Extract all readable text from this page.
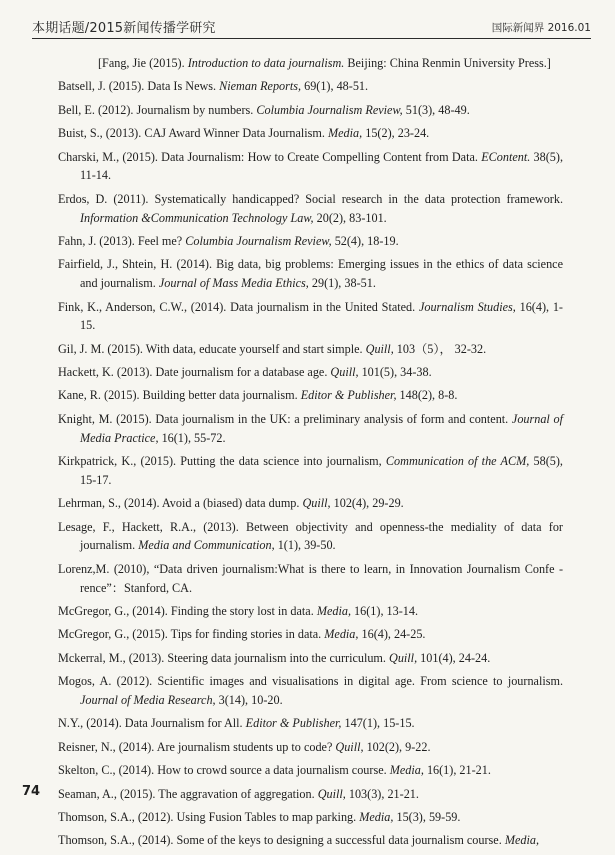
本期话题/2015新闻传播学研究	国际新闻界 2016.01
[Fang, Jie (2015). Introduction to data journalism. Beijing: China Renmin University Press.]
Batsell, J. (2015). Data Is News. Nieman Reports, 69(1), 48-51.
Bell, E. (2012). Journalism by numbers. Columbia Journalism Review, 51(3), 48-49.
Buist, S., (2013). CAJ Award Winner Data Journalism. Media, 15(2), 23-24.
Charski, M., (2015). Data Journalism: How to Create Compelling Content from Data. EContent. 38(5), 11-14.
Erdos, D. (2011). Systematically handicapped? Social research in the data protection framework. Information &Communication Technology Law, 20(2), 83-101.
Fahn, J. (2013). Feel me? Columbia Journalism Review, 52(4), 18-19.
Fairfield, J., Shtein, H. (2014). Big data, big problems: Emerging issues in the ethics of data science and journalism. Journal of Mass Media Ethics, 29(1), 38-51.
Fink, K., Anderson, C.W., (2014). Data journalism in the United Stated. Journalism Studies, 16(4), 1-15.
Gil, J. M. (2015). With data, educate yourself and start simple. Quill, 103（5）， 32-32.
Hackett, K. (2013). Date journalism for a database age. Quill, 101(5), 34-38.
Kane, R. (2015). Building better data journalism. Editor & Publisher, 148(2), 8-8.
Knight, M. (2015). Data journalism in the UK: a preliminary analysis of form and content. Journal of Media Practice, 16(1), 55-72.
Kirkpatrick, K., (2015). Putting the data science into journalism, Communication of the ACM, 58(5), 15-17.
Lehrman, S., (2014). Avoid a (biased) data dump. Quill, 102(4), 29-29.
Lesage, F., Hackett, R.A., (2013). Between objectivity and openness-the mediality of data for journalism. Media and Communication, 1(1), 39-50.
Lorenz,M. (2010), “Data driven journalism:What is there to learn, in Innovation Journalism Confe -rence”：Stanford, CA.
McGregor, G., (2014). Finding the story lost in data. Media, 16(1), 13-14.
McGregor, G., (2015). Tips for finding stories in data. Media, 16(4), 24-25.
Mckerral, M., (2013). Steering data journalism into the curriculum. Quill, 101(4), 24-24.
Mogos, A. (2012). Scientific images and visualisations in digital age. From science to journalism. Journal of Media Research, 3(14), 10-20.
N.Y., (2014). Data Journalism for All. Editor & Publisher, 147(1), 15-15.
Reisner, N., (2014). Are journalism students up to code? Quill, 102(2), 9-22.
Skelton, C., (2014). How to crowd source a data journalism course. Media, 16(1), 21-21.
Seaman, A., (2015). The aggravation of aggregation. Quill, 103(3), 21-21.
Thomson, S.A., (2012). Using Fusion Tables to map parking. Media, 15(3), 59-59.
Thomson, S.A., (2014). Some of the keys to designing a successful data journalism course. Media,
74
